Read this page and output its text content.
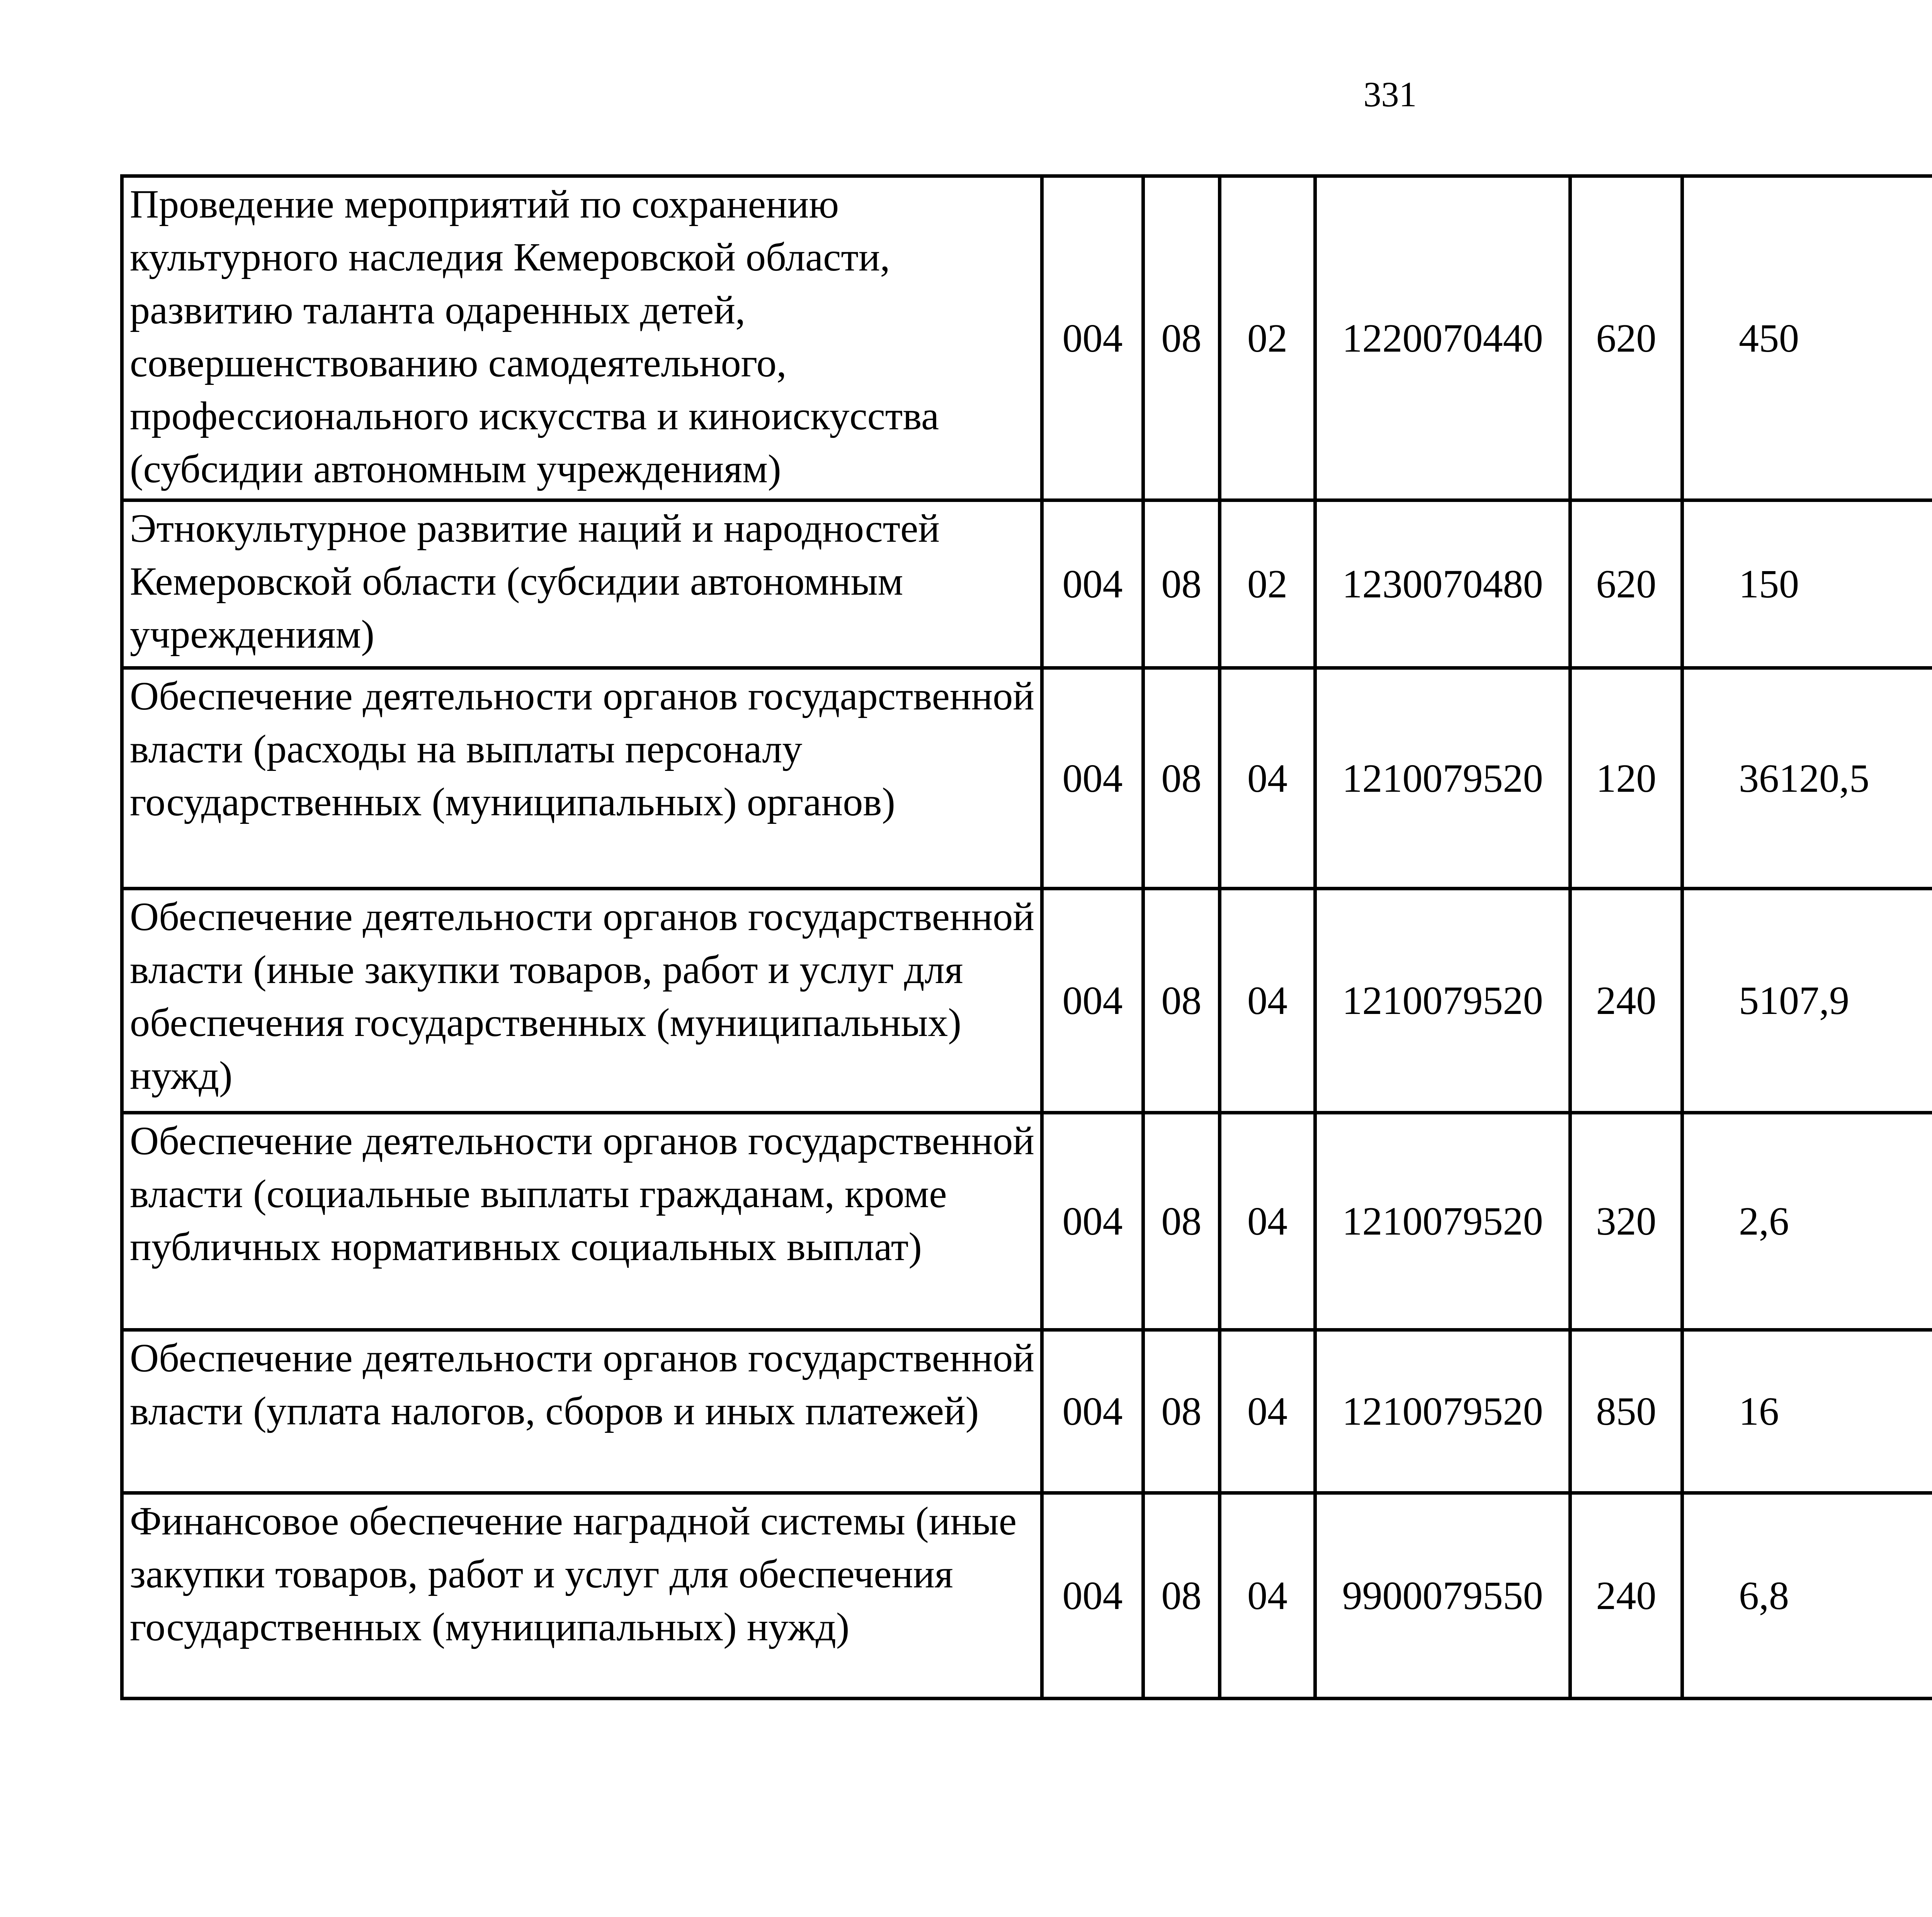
331
Проведение мероприятий по сохранению культурного наследия Кемеровской области, развитию таланта одаренных детей, совершенствованию самодеятельного, профессионального искусства и киноискусства (субсидии автономным учреждениям)	004	08	02	1220070440	620	450		
Этнокультурное развитие наций и народностей Кемеровской области (субсидии автономным учреждениям)	004	08	02	1230070480	620	150		
Обеспечение деятельности органов государственной власти (расходы на выплаты персоналу государственных (муниципальных) органов)	004	08	04	1210079520	120	36120,5		
Обеспечение деятельности органов государственной власти (иные закупки товаров, работ и услуг для обеспечения государственных (муниципальных) нужд)	004	08	04	1210079520	240	5107,9		
Обеспечение деятельности органов государственной власти (социальные выплаты гражданам, кроме публичных нормативных социальных выплат)	004	08	04	1210079520	320	2,6		
Обеспечение деятельности органов государственной власти (уплата налогов, сборов и иных платежей)	004	08	04	1210079520	850	16		
Финансовое обеспечение наградной системы (иные закупки товаров, работ и услуг для обеспечения государственных (муниципальных) нужд)	004	08	04	9900079550	240	6,8		
